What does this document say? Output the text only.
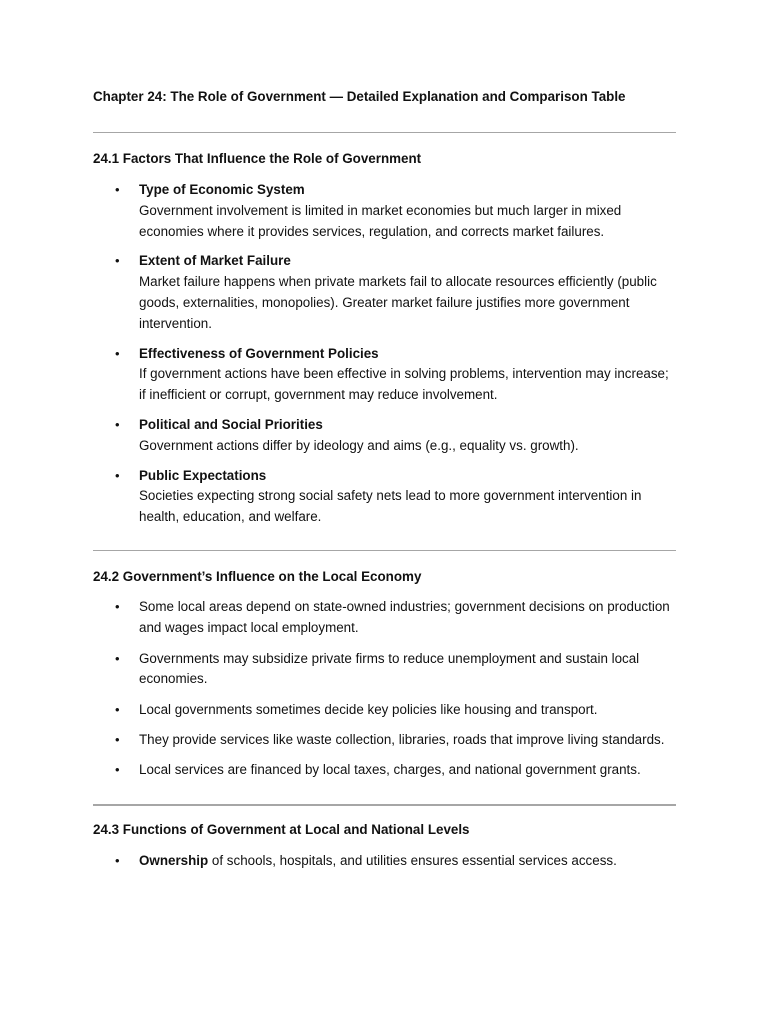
Chapter 24: The Role of Government — Detailed Explanation and Comparison Table

24.1 Factors That Influence the Role of Government
• Type of Economic System
Government involvement is limited in market economies but much larger in mixed economies where it provides services, regulation, and corrects market failures.
• Extent of Market Failure
Market failure happens when private markets fail to allocate resources efficiently (public goods, externalities, monopolies). Greater market failure justifies more government intervention.
• Effectiveness of Government Policies
If government actions have been effective in solving problems, intervention may increase; if inefficient or corrupt, government may reduce involvement.
• Political and Social Priorities
Government actions differ by ideology and aims (e.g., equality vs. growth).
• Public Expectations
Societies expecting strong social safety nets lead to more government intervention in health, education, and welfare.
24.2 Government’s Influence on the Local Economy
• Some local areas depend on state-owned industries; government decisions on production and wages impact local employment.
• Governments may subsidize private firms to reduce unemployment and sustain local economies.
• Local governments sometimes decide key policies like housing and transport.
• They provide services like waste collection, libraries, roads that improve living standards.
• Local services are financed by local taxes, charges, and national government grants.
24.3 Functions of Government at Local and National Levels
• Ownership of schools, hospitals, and utilities ensures essential services access.
